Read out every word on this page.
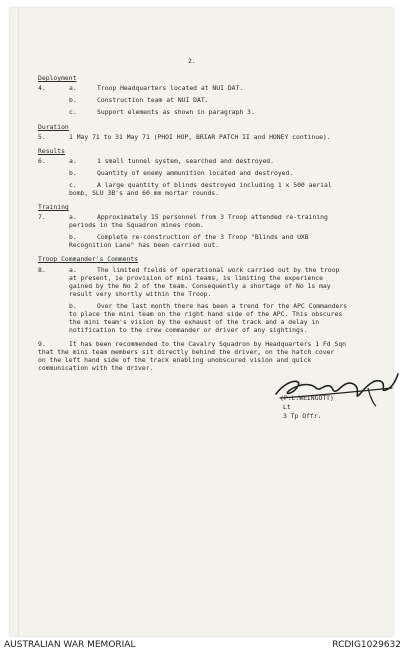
2.
Deployment
4.	a.	Troop Headquarters located at NUI DAT.
b.	Construction team at NUI DAT.
c.	Support elements as shown in paragraph 3.
Duration
5.	1 May 71 to 31 May 71 (PHOI HOP, BRIAR PATCH II and HONEY continue).
Results
6.	a.	1 small tunnel system, searched and destroyed.
b.	Quantity of enemy ammunition located and destroyed.
c.	A large quantity of blinds destroyed including 1 x 500 aerial
bomb, SLU 3B's and 60 mm mortar rounds.
Training
7.	a.	Approximately 15 personnel from 3 Troop attended re-training
periods in the Squadron mines room.
b.	Complete re-construction of the 3 Troop "Blinds and UXB
Recognition Lane" has been carried out.
Troop Commander's Comments
8.	a.	The limited fields of operational work carried out by the troop
at present, ie provision of mini teams, is limiting the experience
gained by the No 2 of the team. Consequently a shortage of No 1s may
result very shortly within the Troop.
b.	Over the last month there has been a trend for the APC Commanders
to place the mini team on the right hand side of the APC. This obscures
the mini team's vision by the exhaust of the track and a delay in
notification to the crew commander or driver of any sightings.
9.	It has been recommended to the Cavalry Squadron by Headquarters 1 Fd Sqn
that the mini team members sit directly behind the driver, on the hatch cover
on the left hand side of the track enabling unobscured vision and quick
communication with the driver.
(P.L.WEINGOTT)
Lt
3 Tp Offr.
AUSTRALIAN WAR MEMORIAL	RCDIG1029632
